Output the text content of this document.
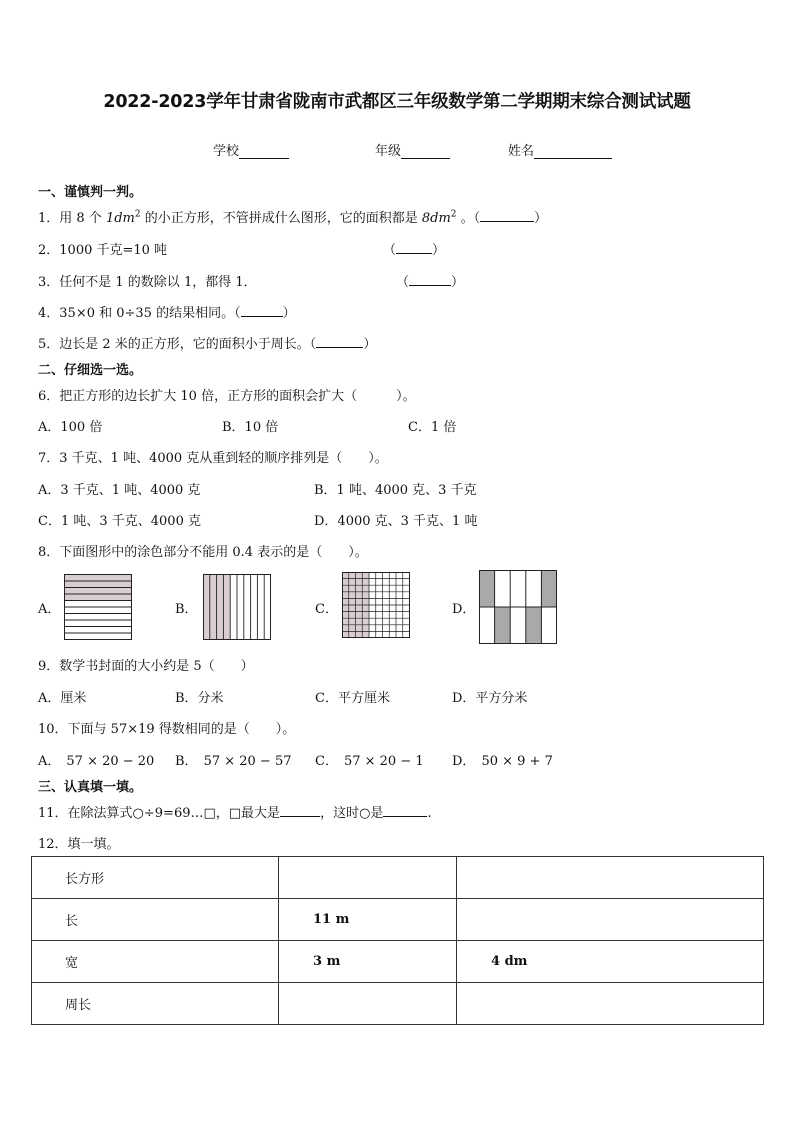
2022-2023学年甘肃省陇南市武都区三年级数学第二学期期末综合测试试题
学校	年级	姓名
一、谨慎判一判。
1．用 8 个 $1dm^2$ 的小正方形，不管拼成什么图形，它的面积都是 $8dm^2$ 。（	）
2．1000 千克=10 吨	（	）
3．任何不是 1 的数除以 1，都得 1．	（	）
4．35×0 和 0÷35 的结果相同。（	）
5．边长是 2 米的正方形，它的面积小于周长。（	）
二、仔细选一选。
6．把正方形的边长扩大 10 倍，正方形的面积会扩大（　　　）。
A．100 倍	B．10 倍	C．1 倍
7．3 千克、1 吨、4000 克从重到轻的顺序排列是（　　）。
A．3 千克、1 吨、4000 克	B．1 吨、4000 克、3 千克
C．1 吨、3 千克、4000 克	D．4000 克、3 千克、1 吨
8．下面图形中的涂色部分不能用 0.4 表示的是（　　）。
A．	B．	C．	D．
9．数学书封面的大小约是 5（　　）
A．厘米	B．分米	C．平方厘米	D．平方分米
10．下面与 57×19 得数相同的是（　　）。
A． 57 × 20 − 20 B． 57 × 20 − 57 C． 57 × 20 − 1 D． 50 × 9 + 7
三、认真填一填。
11．在除法算式○÷9=69…□，□最大是	，这时○是	.
12．填一填。
长方形		
长	11 m	
宽	3 m	4 dm
周长		
